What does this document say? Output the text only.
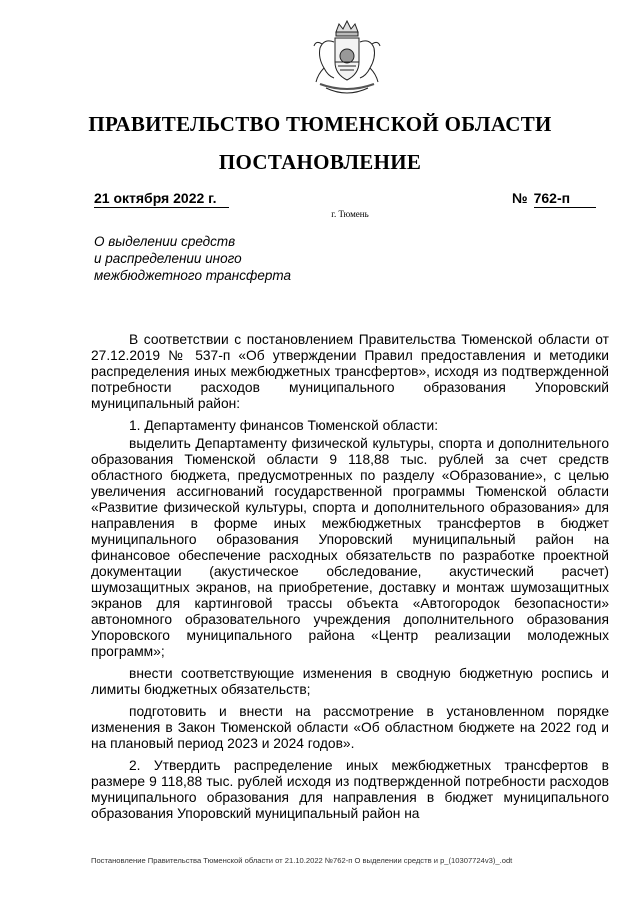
ПРАВИТЕЛЬСТВО ТЮМЕНСКОЙ ОБЛАСТИ
ПОСТАНОВЛЕНИЕ
21 октября 2022 г.	№ 762-п
г. Тюмень
О выделении средств
и распределении иного
межбюджетного трансферта

В соответствии с постановлением Правительства Тюменской области от 27.12.2019 № 537-п «Об утверждении Правил предоставления и методики распределения иных межбюджетных трансфертов», исходя из подтвержденной потребности расходов муниципального образования Упоровский муниципальный район:

1. Департаменту финансов Тюменской области:

выделить Департаменту физической культуры, спорта и дополнительного образования Тюменской области 9 118,88 тыс. рублей за счет средств областного бюджета, предусмотренных по разделу «Образование», с целью увеличения ассигнований государственной программы Тюменской области «Развитие физической культуры, спорта и дополнительного образования» для направления в форме иных межбюджетных трансфертов в бюджет муниципального образования Упоровский муниципальный район на финансовое обеспечение расходных обязательств по разработке проектной документации (акустическое обследование, акустический расчет) шумозащитных экранов, на приобретение, доставку и монтаж шумозащитных экранов для картинговой трассы объекта «Автогородок безопасности» автономного образовательного учреждения дополнительного образования Упоровского муниципального района «Центр реализации молодежных программ»;

внести соответствующие изменения в сводную бюджетную роспись и лимиты бюджетных обязательств;

подготовить и внести на рассмотрение в установленном порядке изменения в Закон Тюменской области «Об областном бюджете на 2022 год и на плановый период 2023 и 2024 годов».

2. Утвердить распределение иных межбюджетных трансфертов в размере 9 118,88 тыс. рублей исходя из подтвержденной потребности расходов муниципального образования для направления в бюджет муниципального образования Упоровский муниципальный район на

Постановление Правительства Тюменской области от 21.10.2022 №762-п О выделении средств и р_(10307724v3)_.odt
